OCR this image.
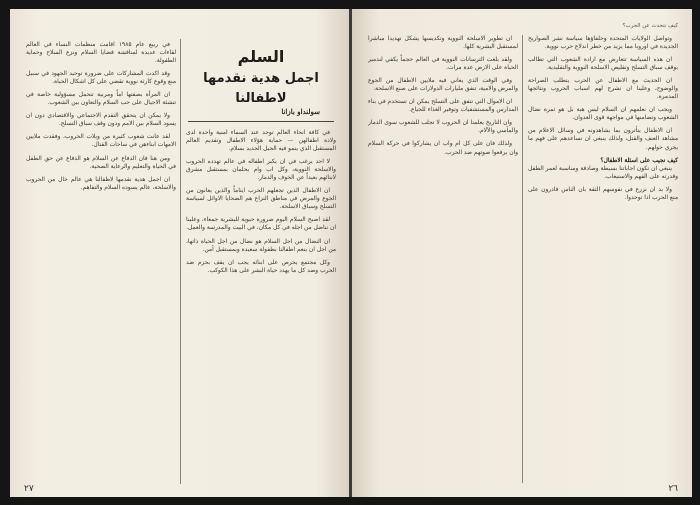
السلم
اجمل هدية نقدمها لاطفالنا
سولنداو بازانا

في كافة انحاء العالم توجد عند السماء امنية واحدة لدى ولادة اطفالهن — حماية هؤلاء الاطفال وتقديم العالم المستقبل الذي ينمو فيه الجيل الجديد بسلام.

لا احد يرغب في ان يكبر اطفاله في عالم تهدده الحروب والاسلحة النووية، وكل اب وام يحلمان بمستقبل مشرق لابنائهم بعيداً عن الخوف والدمار.

ان الاطفال الذين تجعلهم الحرب ايتاماً والذين يعانون من الجوع والمرض في مناطق النزاع هم الضحايا الاوائل لسياسة التسلح وسباق الاسلحة.

لقد اصبح السلام اليوم ضرورة حيوية للبشرية جمعاء، وعلينا ان نناضل من اجله في كل مكان، في البيت والمدرسة والعمل.

ان النضال من اجل السلام هو نضال من اجل الحياة ذاتها، من اجل ان ينعم اطفالنا بطفولة سعيدة وبمستقبل آمن.

وكل مجتمع يحرص على ابنائه يجب ان يقف بحزم ضد الحرب وضد كل ما يهدد حياة البشر على هذا الكوكب.

في ربيع عام ١٩٨٥ اقامت منظمات النساء في العالم لقاءات عديدة لمناقشة قضايا السلام ونزع السلاح وحماية الطفولة.

وقد اكدت المشاركات على ضرورة توحيد الجهود في سبيل منع وقوع كارثة نووية تقضي على كل اشكال الحياة.

ان المرأة بصفتها اماً ومربية تتحمل مسؤولية خاصة في تنشئة الاجيال على حب السلام والتعاون بين الشعوب.

ولا يمكن ان يتحقق التقدم الاجتماعي والاقتصادي دون ان يسود السلام بين الامم ودون وقف سباق التسلح.

لقد عانت شعوب كثيرة من ويلات الحروب، وفقدت ملايين الامهات ابناءهن في ساحات القتال.

ومن هنا فان الدفاع عن السلام هو الدفاع عن حق الطفل في الحياة والتعليم والرعاية الصحية.

ان اجمل هدية نقدمها لاطفالنا هي عالم خال من الحروب والاسلحة، عالم يسوده السلام والتفاهم.

٢٧
كيف نتحدث عن الحرب؟

وتواصل الولايات المتحدة وحلفاؤها سياسة نشر الصواريخ الجديدة في اوروبا مما يزيد من خطر اندلاع حرب نووية.

ان هذه السياسة تتعارض مع ارادة الشعوب التي تطالب بوقف سباق التسلح وتقليص الاسلحة النووية والتقليدية.

ان الحديث مع الاطفال عن الحرب يتطلب الصراحة والوضوح، وعلينا ان نشرح لهم اسباب الحروب ونتائجها المدمرة.

ويجب ان نعلمهم ان السلام ليس هبة بل هو ثمرة نضال الشعوب وتضامنها في مواجهة قوى العدوان.

ان الاطفال يتأثرون بما يشاهدونه في وسائل الاعلام من مشاهد العنف والقتل، ولذلك ينبغي ان نساعدهم على فهم ما يجري حولهم.

كيف نجيب على اسئلة الاطفال؟

ينبغي ان تكون اجاباتنا بسيطة وصادقة ومناسبة لعمر الطفل وقدرته على الفهم والاستيعاب.

ولا بد ان نزرع في نفوسهم الثقة بان الناس قادرون على منع الحرب اذا توحدوا.

ان تطوير الاسلحة النووية وتكديسها يشكل تهديداً مباشراً لمستقبل البشرية كلها.

ولقد بلغت الترسانات النووية في العالم حجماً يكفي لتدمير الحياة على الارض عدة مرات.

وفي الوقت الذي يعاني فيه ملايين الاطفال من الجوع والمرض والامية، تنفق مليارات الدولارات على صنع الاسلحة.

ان الاموال التي تنفق على التسلح يمكن ان تستخدم في بناء المدارس والمستشفيات وتوفير الغذاء للجياع.

وان التاريخ يعلمنا ان الحروب لا تجلب للشعوب سوى الدمار والمآسي والآلام.

ولذلك فان على كل ام واب ان يشاركوا في حركة السلام وان يرفعوا صوتهم ضد الحرب.

٢٦
